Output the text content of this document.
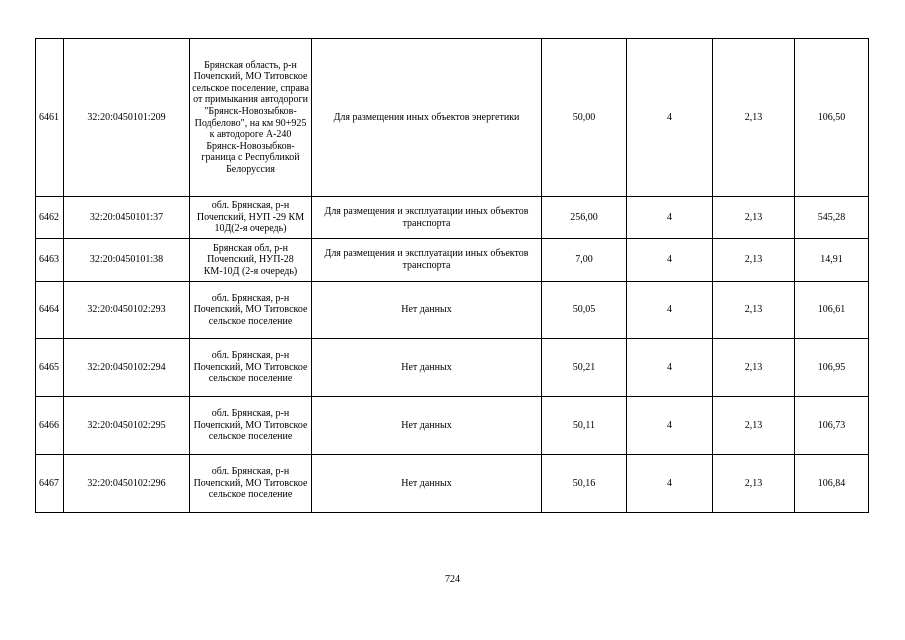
6461	32:20:0450101:209	Брянская область, р-н Почепский, МО Титовское сельское поселение, справа от примыкания автодороги "Брянск-Новозыбков-Подбелово", на км 90+925 к автодороге А-240 Брянск-Новозыбков-граница с Республикой Белоруссия	Для размещения иных объектов энергетики	50,00	4	2,13	106,50
6462	32:20:0450101:37	обл. Брянская, р-н Почепский, НУП -29 КМ 10Д(2-я очередь)	Для размещения и эксплуатации иных объектов транспорта	256,00	4	2,13	545,28
6463	32:20:0450101:38	Брянская обл, р-н Почепский, НУП-28 КМ-10Д (2-я очередь)	Для размещения и эксплуатации иных объектов транспорта	7,00	4	2,13	14,91
6464	32:20:0450102:293	обл. Брянская, р-н Почепский, МО Титовское сельское поселение	Нет данных	50,05	4	2,13	106,61
6465	32:20:0450102:294	обл. Брянская, р-н Почепский, МО Титовское сельское поселение	Нет данных	50,21	4	2,13	106,95
6466	32:20:0450102:295	обл. Брянская, р-н Почепский, МО Титовское сельское поселение	Нет данных	50,11	4	2,13	106,73
6467	32:20:0450102:296	обл. Брянская, р-н Почепский, МО Титовское сельское поселение	Нет данных	50,16	4	2,13	106,84
724
